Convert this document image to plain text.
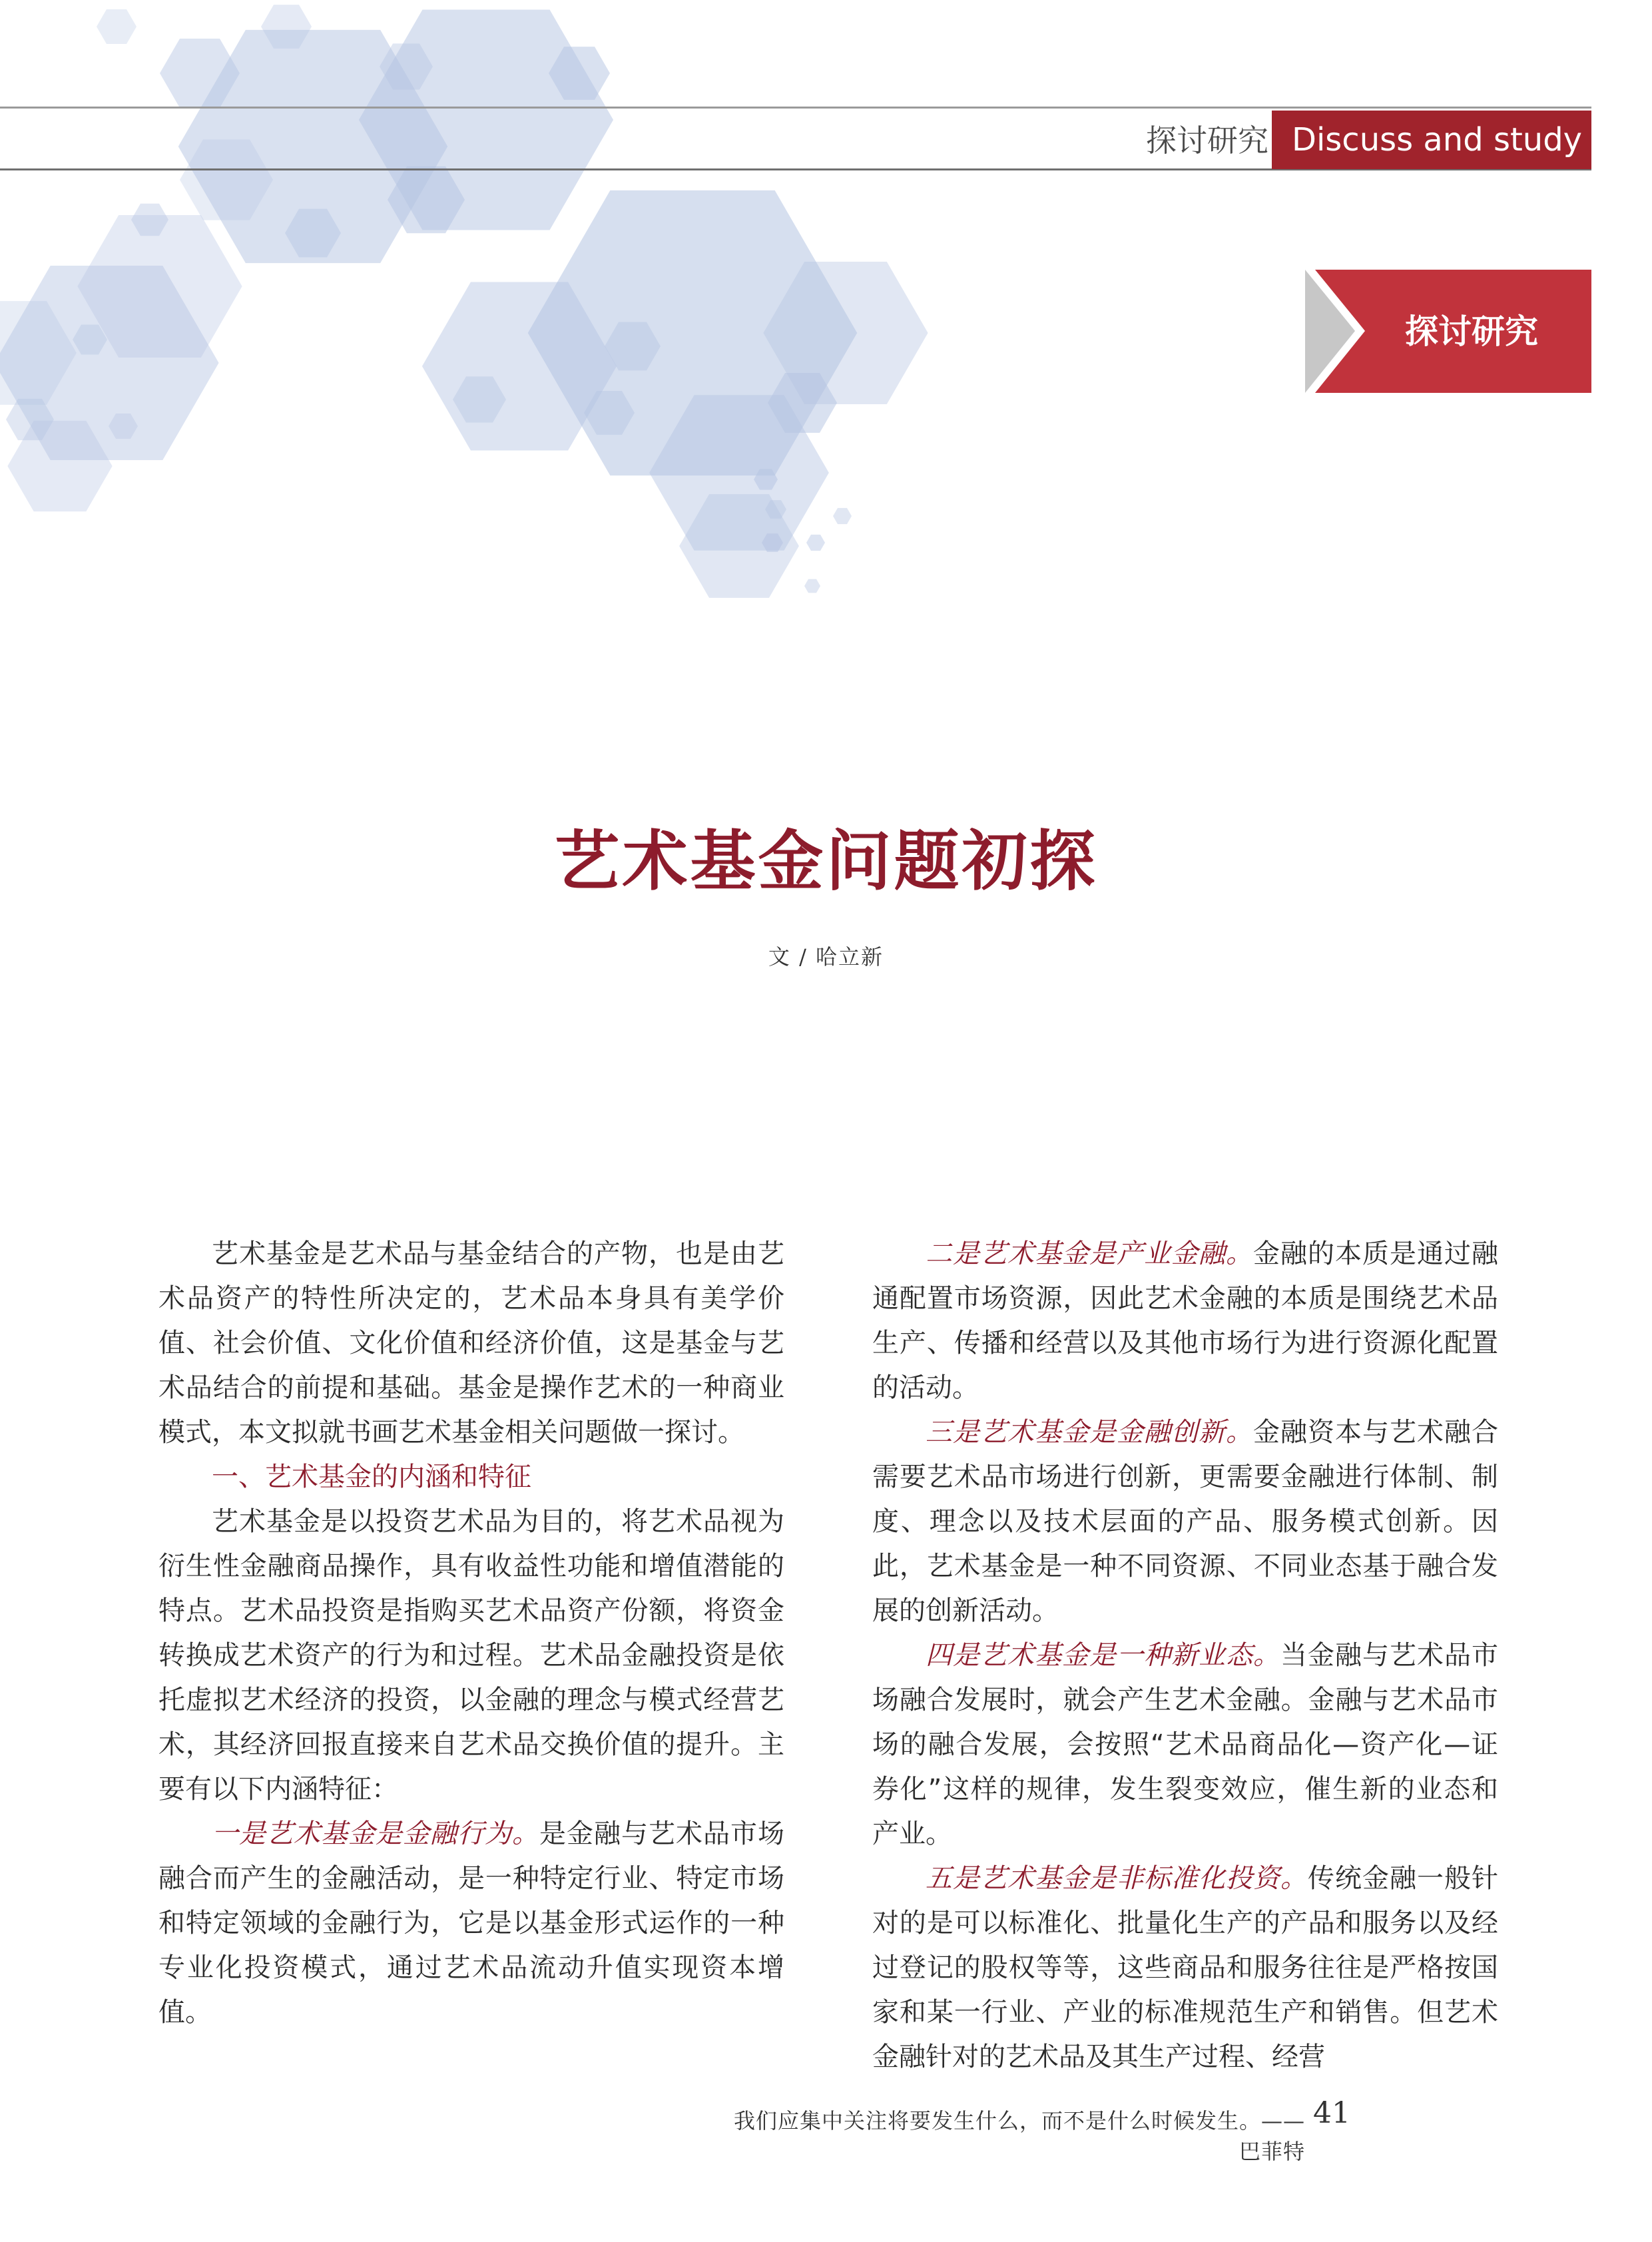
探讨研究 Discuss and study
探讨研究
艺术基金问题初探
文 / 哈立新

艺术基金是艺术品与基金结合的产物，也是由艺术品资产的特性所决定的，艺术品本身具有美学价值、社会价值、文化价值和经济价值，这是基金与艺术品结合的前提和基础。基金是操作艺术的一种商业模式，本文拟就书画艺术基金相关问题做一探讨。

一、艺术基金的内涵和特征

艺术基金是以投资艺术品为目的，将艺术品视为衍生性金融商品操作，具有收益性功能和增值潜能的特点。艺术品投资是指购买艺术品资产份额，将资金转换成艺术资产的行为和过程。艺术品金融投资是依托虚拟艺术经济的投资，以金融的理念与模式经营艺术，其经济回报直接来自艺术品交换价值的提升。主要有以下内涵特征：

一是艺术基金是金融行为。是金融与艺术品市场融合而产生的金融活动，是一种特定行业、特定市场和特定领域的金融行为，它是以基金形式运作的一种专业化投资模式，通过艺术品流动升值实现资本增值。

二是艺术基金是产业金融。金融的本质是通过融通配置市场资源，因此艺术金融的本质是围绕艺术品生产、传播和经营以及其他市场行为进行资源化配置的活动。

三是艺术基金是金融创新。金融资本与艺术融合需要艺术品市场进行创新，更需要金融进行体制、制度、理念以及技术层面的产品、服务模式创新。因此，艺术基金是一种不同资源、不同业态基于融合发展的创新活动。

四是艺术基金是一种新业态。当金融与艺术品市场融合发展时，就会产生艺术金融。金融与艺术品市场的融合发展，会按照“艺术品商品化—资产化—证券化”这样的规律，发生裂变效应，催生新的业态和产业。

五是艺术基金是非标准化投资。传统金融一般针对的是可以标准化、批量化生产的产品和服务以及经过登记的股权等等，这些商品和服务往往是严格按国家和某一行业、产业的标准规范生产和销售。但艺术金融针对的艺术品及其生产过程、经营

我们应集中关注将要发生什么，而不是什么时候发生。——巴菲特
41
